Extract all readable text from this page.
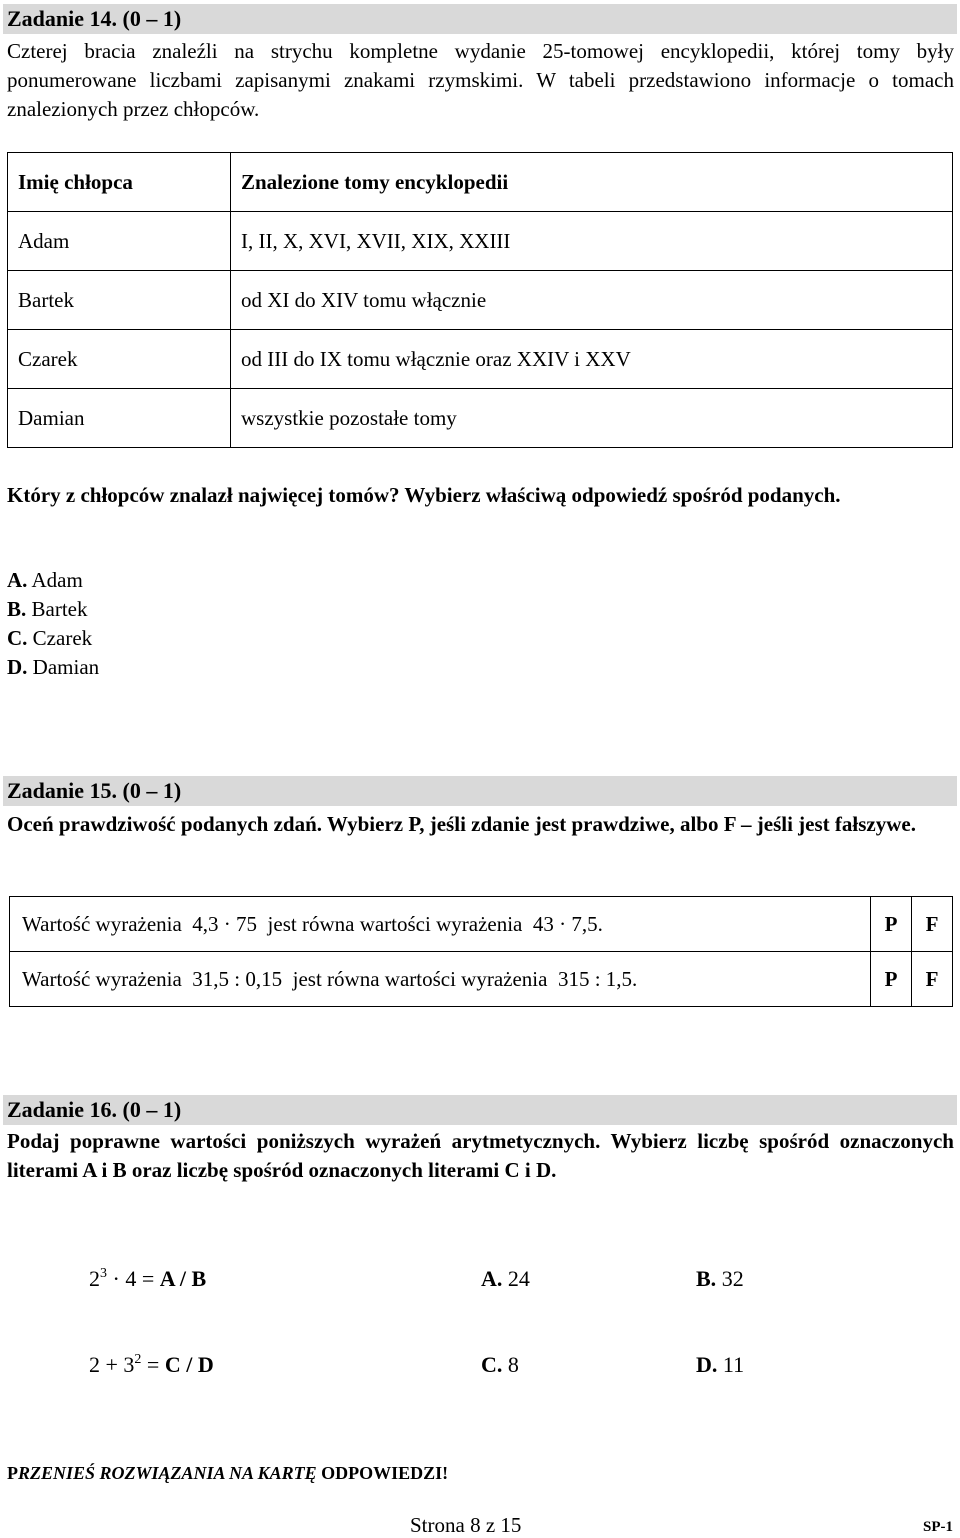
Zadanie 14. (0 – 1)
Czterej bracia znaleźli na strychu kompletne wydanie 25-tomowej encyklopedii, której tomy były ponumerowane liczbami zapisanymi znakami rzymskimi. W tabeli przedstawiono informacje o tomach znalezionych przez chłopców.
Imię chłopca	Znalezione tomy encyklopedii
Adam	I, II, X, XVI, XVII, XIX, XXIII
Bartek	od XI do XIV tomu włącznie
Czarek	od III do IX tomu włącznie oraz XXIV i XXV
Damian	wszystkie pozostałe tomy
Który z chłopców znalazł najwięcej tomów? Wybierz właściwą odpowiedź spośród podanych.
A. Adam
B. Bartek
C. Czarek
D. Damian
Zadanie 15. (0 – 1)
Oceń prawdziwość podanych zdań. Wybierz P, jeśli zdanie jest prawdziwe, albo F – jeśli jest fałszywe.
Wartość wyrażenia  4,3 · 75  jest równa wartości wyrażenia  43 · 7,5.	P	F
Wartość wyrażenia  31,5 : 0,15  jest równa wartości wyrażenia  315 : 1,5.	P	F
Zadanie 16. (0 – 1)
Podaj poprawne wartości poniższych wyrażeń arytmetycznych. Wybierz liczbę spośród oznaczonych literami A i B oraz liczbę spośród oznaczonych literami C i D.
$2^3 \cdot 4 = A / B$	A. 24	B. 32
$2 + 3^2 = C / D$	C. 8	D. 11
PRZENIEŚ ROZWIĄZANIA NA KARTĘ ODPOWIEDZI!
Strona 8 z 15	SP-1
